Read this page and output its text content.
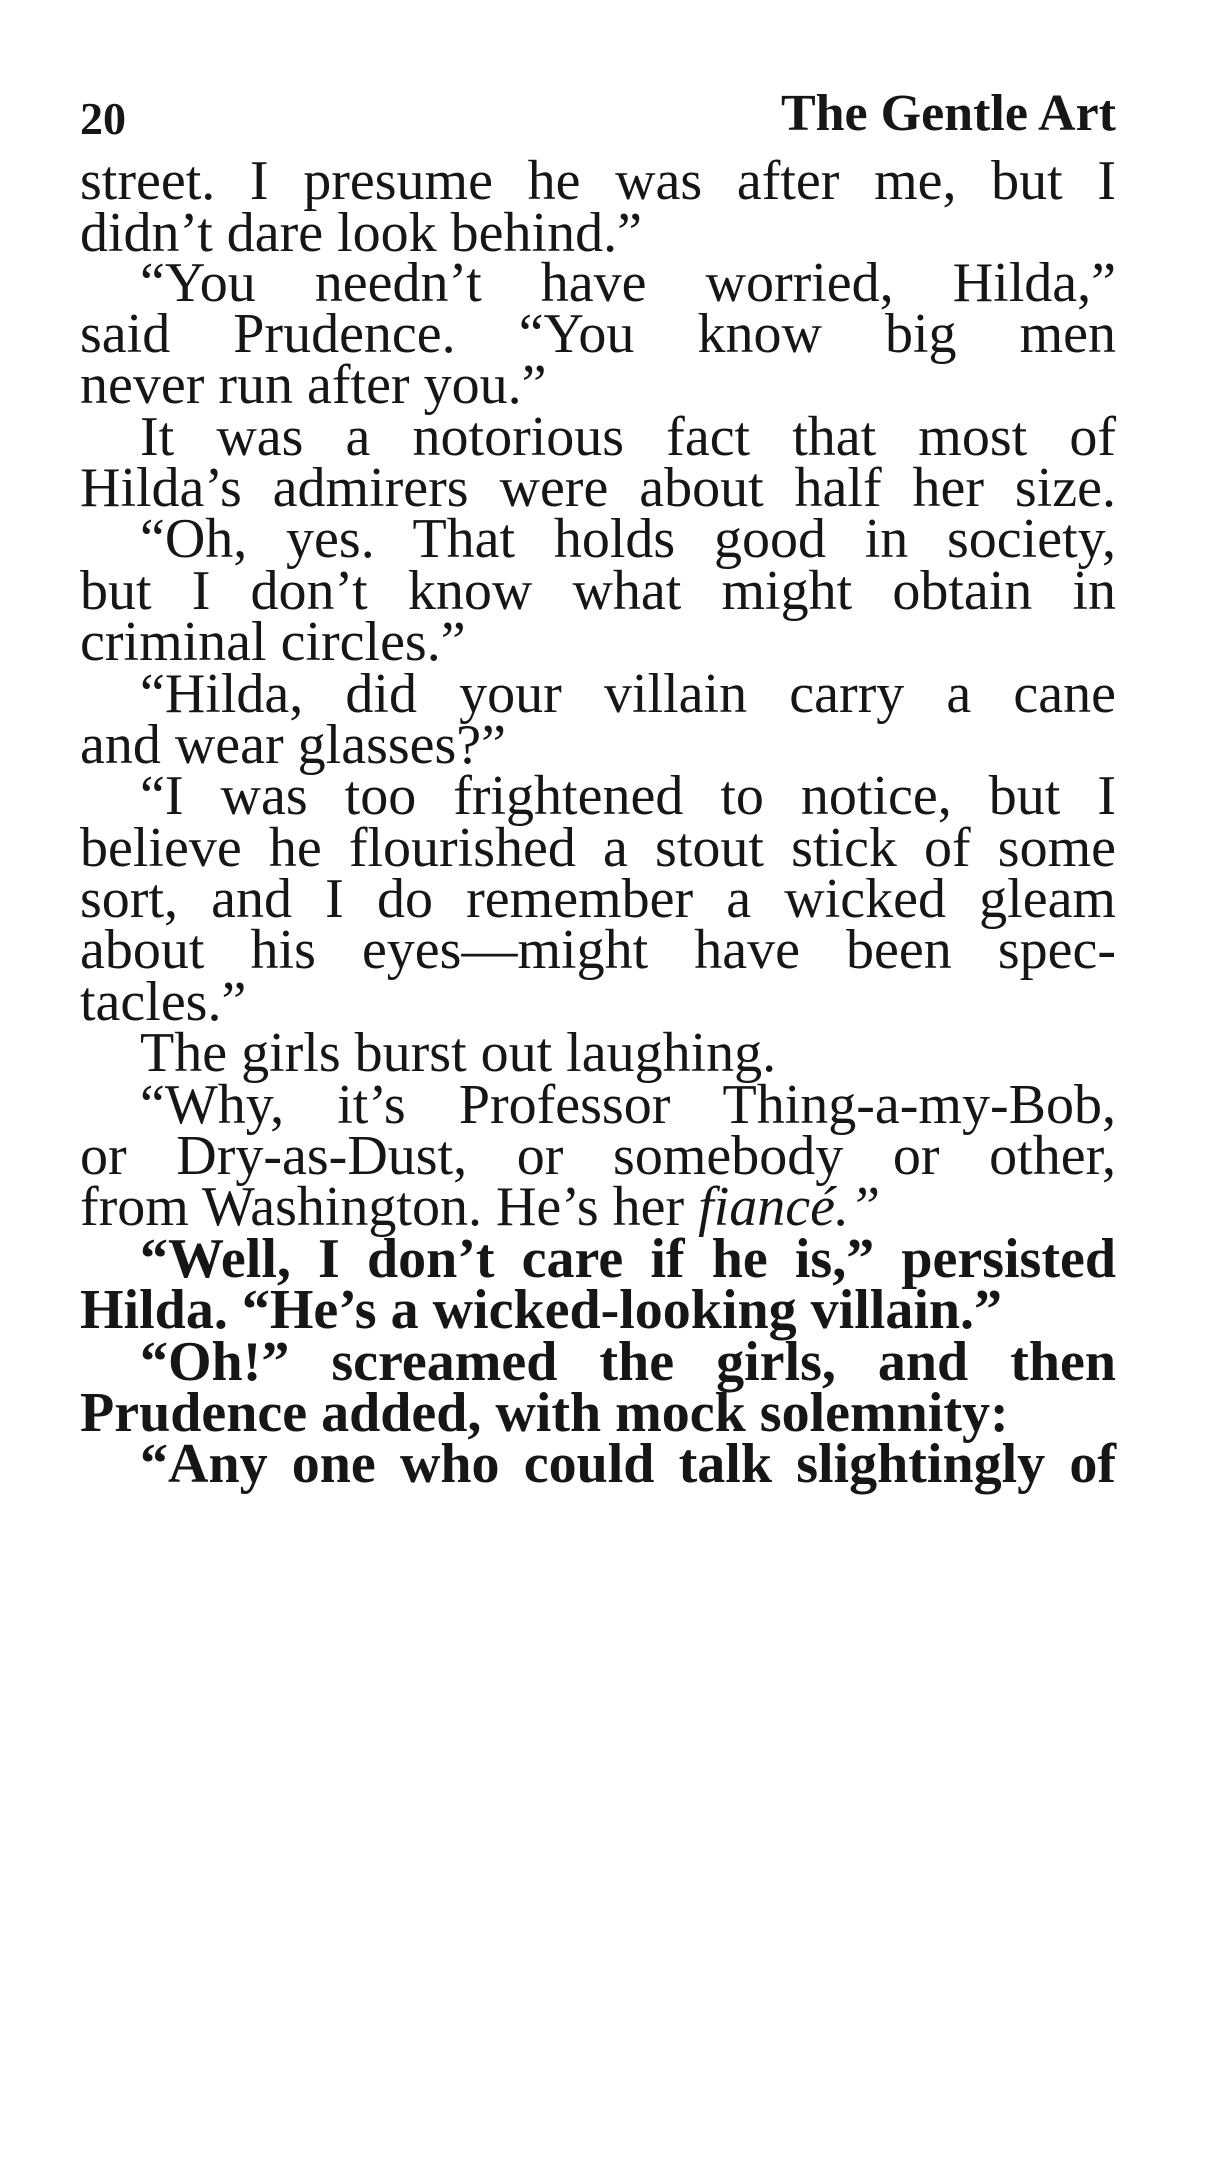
20	The Gentle Art
street. I presume he was after me, but I
didn’t dare look behind.”
“You needn’t have worried, Hilda,”
said Prudence. “You know big men
never run after you.”
It was a notorious fact that most of
Hilda’s admirers were about half her size.
“Oh, yes. That holds good in society,
but I don’t know what might obtain in
criminal circles.”
“Hilda, did your villain carry a cane
and wear glasses?”
“I was too frightened to notice, but I
believe he flourished a stout stick of some
sort, and I do remember a wicked gleam
about his eyes—might have been spec-
tacles.”
The girls burst out laughing.
“Why, it’s Professor Thing-a-my-Bob,
or Dry-as-Dust, or somebody or other,
from Washington. He’s her fiancé.”
“Well, I don’t care if he is,” persisted
Hilda. “He’s a wicked-looking villain.”
“Oh!” screamed the girls, and then
Prudence added, with mock solemnity:
“Any one who could talk slightingly of
